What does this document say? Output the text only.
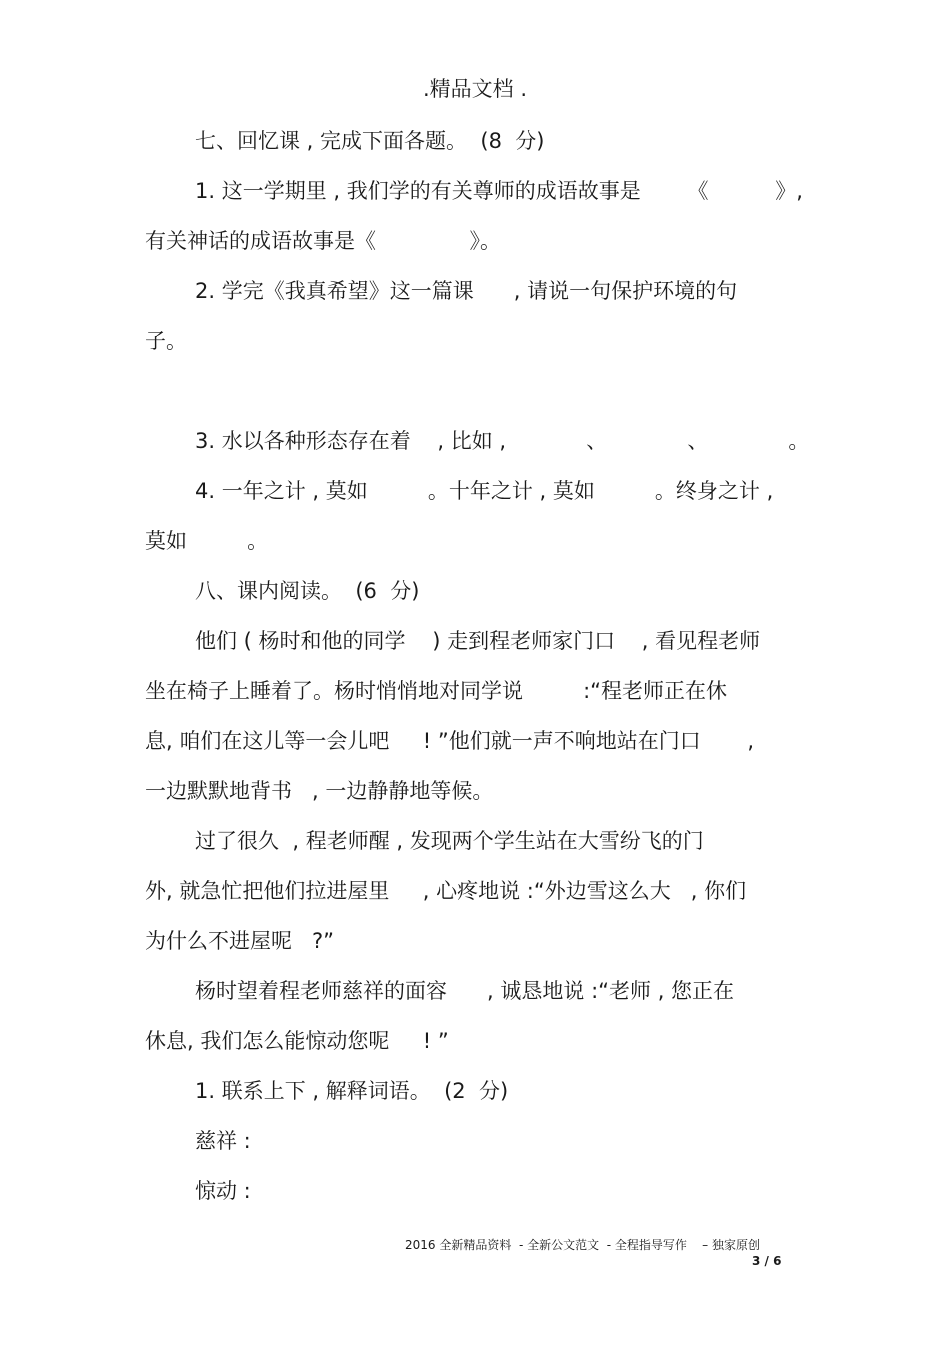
.精品文档 .
七、回忆课 , 完成下面各题。  (8  分)
1. 这一学期里 , 我们学的有关尊师的成语故事是       《          》,
有关神话的成语故事是《              》。
2. 学完《我真希望》这一篇课      , 请说一句保护环境的句
子。
3. 水以各种形态存在着    , 比如 ,            、            、            。
4. 一年之计 , 莫如         。十年之计 , 莫如         。终身之计 ,
莫如         。
八、课内阅读。  (6  分)
他们 ( 杨时和他的同学    ) 走到程老师家门口    , 看见程老师
坐在椅子上睡着了。杨时悄悄地对同学说         :“程老师正在休
息, 咱们在这儿等一会儿吧     ! ”他们就一声不响地站在门口       ,
一边默默地背书   , 一边静静地等候。
过了很久  , 程老师醒 , 发现两个学生站在大雪纷飞的门
外, 就急忙把他们拉进屋里     , 心疼地说 :“外边雪这么大   , 你们
为什么不进屋呢   ?”
杨时望着程老师慈祥的面容      , 诚恳地说 :“老师 , 您正在
休息, 我们怎么能惊动您呢     ! ”
1. 联系上下 , 解释词语。  (2  分)
慈祥 :
惊动 :
2016 全新精品资料  - 全新公文范文  - 全程指导写作    – 独家原创
3 / 6
